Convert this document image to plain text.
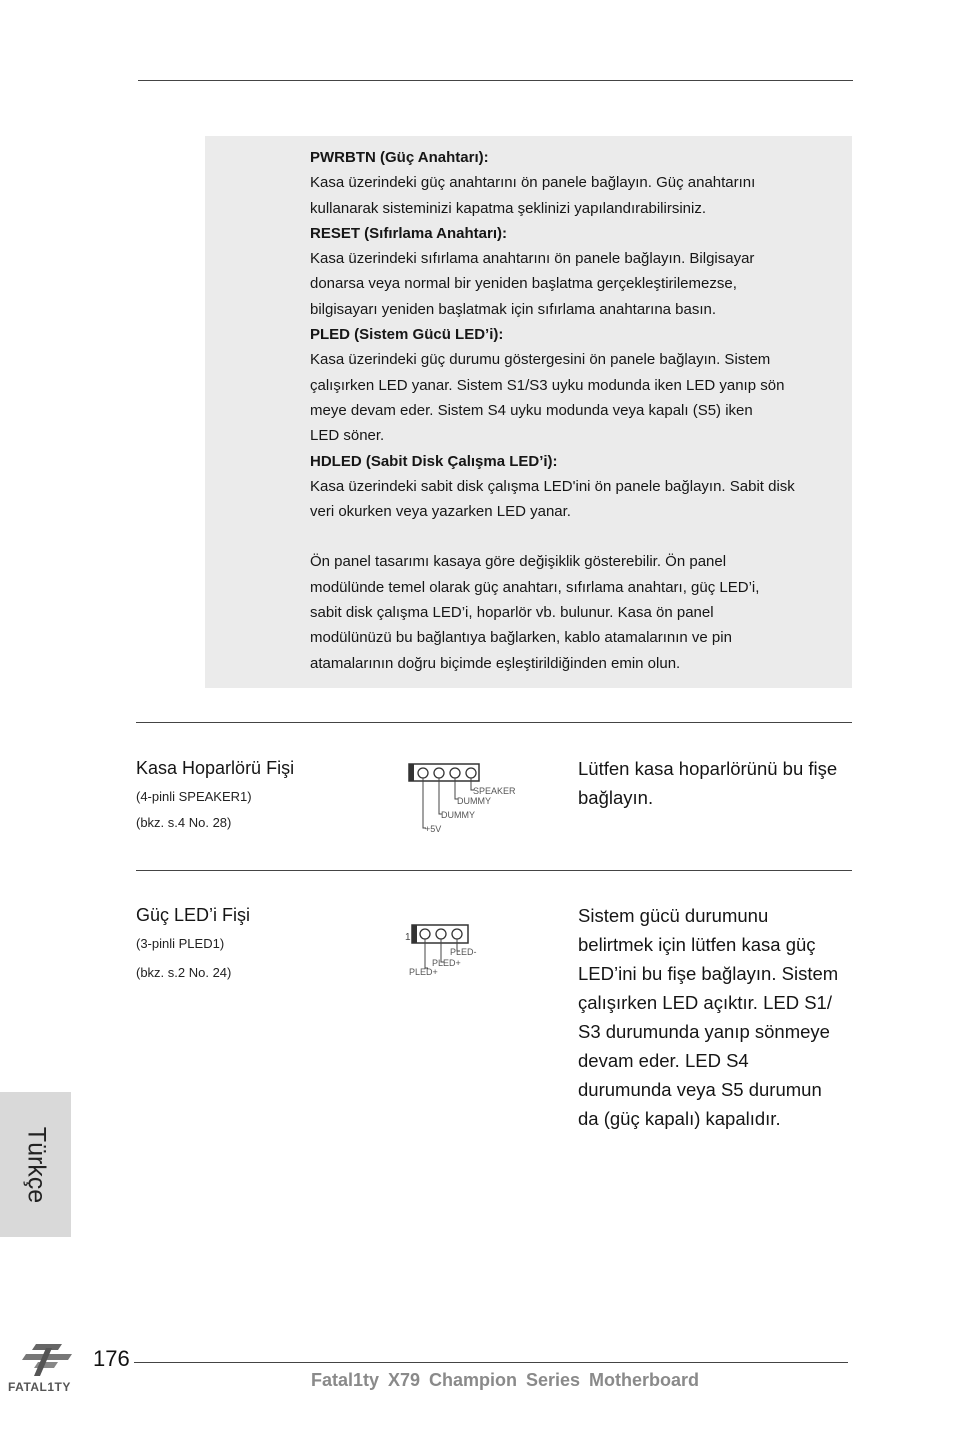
PWRBTN (Güç Anahtarı):
Kasa üzerindeki güç anahtarını ön panele bağlayın. Güç anahtarını
kullanarak sisteminizi kapatma şeklinizi yapılandırabilirsiniz.
RESET (Sıfırlama Anahtarı):
Kasa üzerindeki sıfırlama anahtarını ön panele bağlayın. Bilgisayar
donarsa veya normal bir yeniden başlatma gerçekleştirilemezse,
bilgisayarı yeniden başlatmak için sıfırlama anahtarına basın.
PLED (Sistem Gücü LED’i):
Kasa üzerindeki güç durumu göstergesini ön panele bağlayın. Sistem
çalışırken LED yanar. Sistem S1/S3 uyku modunda iken LED yanıp sön
meye devam eder. Sistem S4 uyku modunda veya kapalı (S5) iken
LED söner.
HDLED (Sabit Disk Çalışma LED’i):
Kasa üzerindeki sabit disk çalışma LED'ini ön panele bağlayın. Sabit disk
veri okurken veya yazarken LED yanar.
Ön panel tasarımı kasaya göre değişiklik gösterebilir. Ön panel
modülünde temel olarak güç anahtarı, sıfırlama anahtarı, güç LED’i,
sabit disk çalışma LED’i, hoparlör vb. bulunur. Kasa ön panel
modülünüzü bu bağlantıya bağlarken, kablo atamalarının ve pin
atamalarının doğru biçimde eşleştirildiğinden emin olun.
Kasa Hoparlörü Fişi
(4-pinli SPEAKER1)
(bkz. s.4 No. 28)
SPEAKER
DUMMY
DUMMY
+5V
Lütfen kasa hoparlörünü bu fişe
bağlayın.
Güç LED’i Fişi
(3-pinli PLED1)
(bkz. s.2 No. 24)
1
PLED-
PLED+
PLED+
Sistem gücü durumunu
belirtmek için lütfen kasa güç
LED’ini bu fişe bağlayın. Sistem
çalışırken LED açıktır. LED S1/
S3 durumunda yanıp sönmeye
devam eder. LED S4
durumunda veya S5 durumun
da (güç kapalı) kapalıdır.
Türkçe
FATAL1TY
176
Fatal1ty X79 Champion Series Motherboard
